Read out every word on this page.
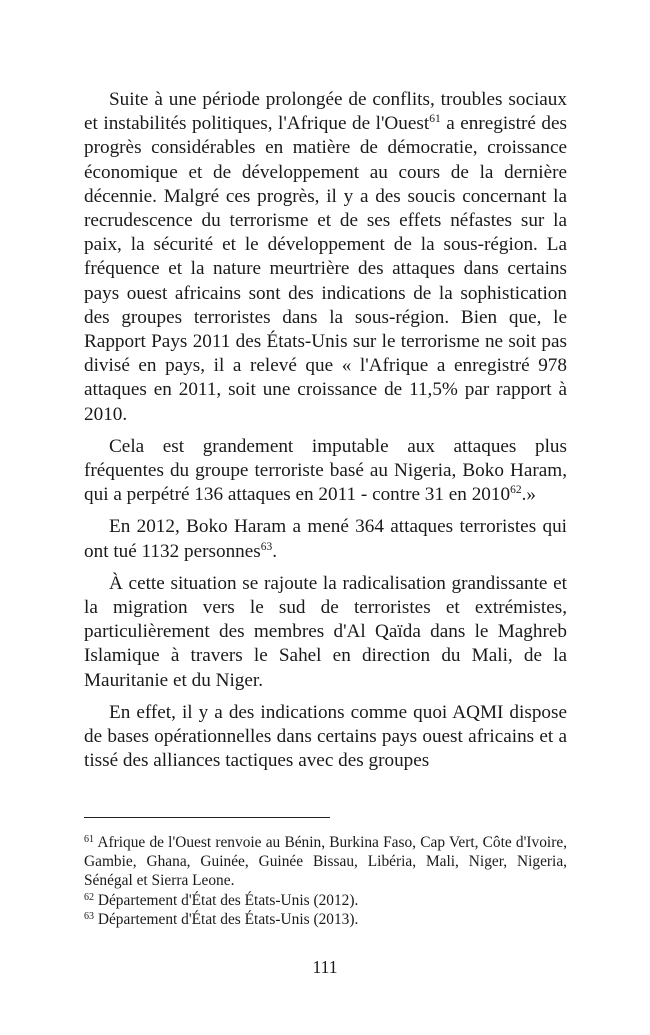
Suite à une période prolongée de conflits, troubles sociaux et instabilités politiques, l'Afrique de l'Ouest$^{61}$ a enregistré des progrès considérables en matière de démocratie, croissance économique et de développement au cours de la dernière décennie. Malgré ces progrès, il y a des soucis concernant la recrudescence du terrorisme et de ses effets néfastes sur la paix, la sécurité et le développement de la sous-région. La fréquence et la nature meurtrière des attaques dans certains pays ouest africains sont des indications de la sophistication des groupes terroristes dans la sous-région. Bien que, le Rapport Pays 2011 des États-Unis sur le terrorisme ne soit pas divisé en pays, il a relevé que « l'Afrique a enregistré 978 attaques en 2011, soit une croissance de 11,5% par rapport à 2010.

Cela est grandement imputable aux attaques plus fréquentes du groupe terroriste basé au Nigeria, Boko Haram, qui a perpétré 136 attaques en 2011 - contre 31 en 2010$^{62}$.»

En 2012, Boko Haram a mené 364 attaques terroristes qui ont tué 1132 personnes$^{63}$.

À cette situation se rajoute la radicalisation grandissante et la migration vers le sud de terroristes et extrémistes, particulièrement des membres d'Al Qaïda dans le Maghreb Islamique à travers le Sahel en direction du Mali, de la Mauritanie et du Niger.

En effet, il y a des indications comme quoi AQMI dispose de bases opérationnelles dans certains pays ouest africains et a tissé des alliances tactiques avec des groupes

$^{61}$ Afrique de l'Ouest renvoie au Bénin, Burkina Faso, Cap Vert, Côte d'Ivoire, Gambie, Ghana, Guinée, Guinée Bissau, Libéria, Mali, Niger, Nigeria, Sénégal et Sierra Leone.

$^{62}$ Département d'État des États-Unis (2012).

$^{63}$ Département d'État des États-Unis (2013).

111
